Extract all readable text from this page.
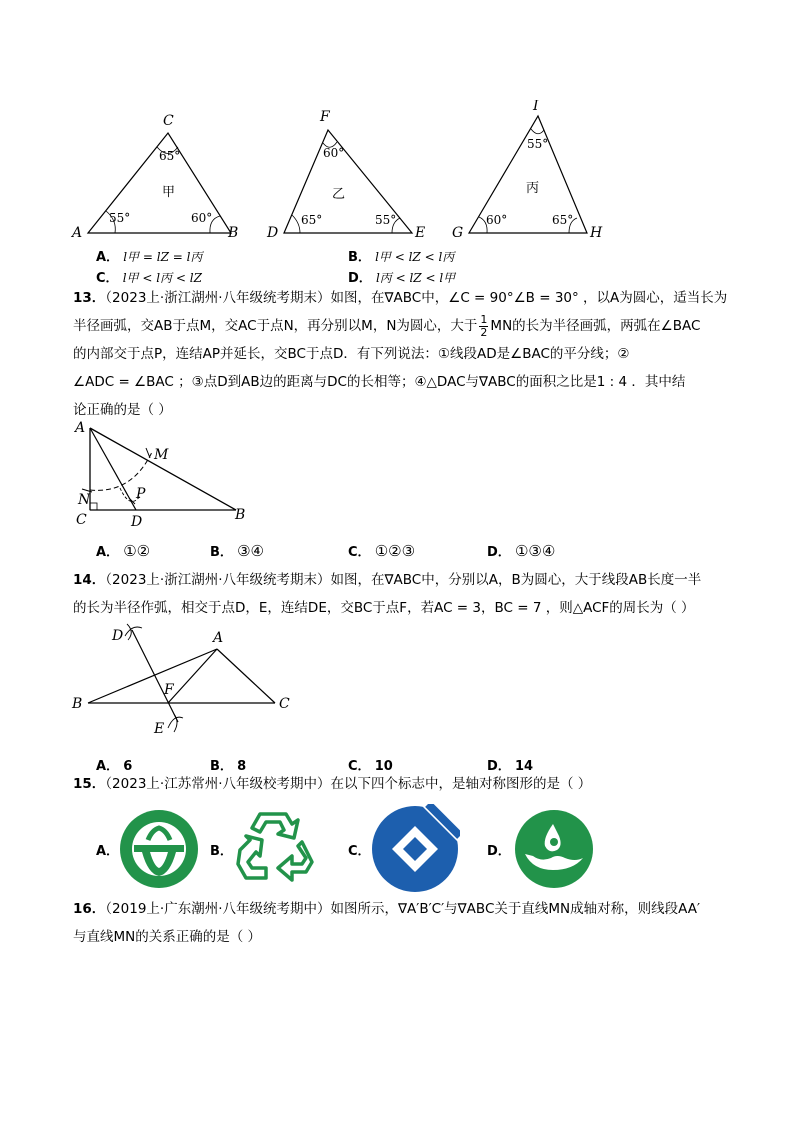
C
A	B
65°
55°	60°
甲
F
D	E
60°
65°	55°
乙
I
G	H
55°
60°	65°
丙
A． l甲 = lZ = l丙	B． l甲 < lZ < l丙
C． l甲 < l丙 < lZ	D． l丙 < lZ < l甲
13．（2023上·浙江湖州·八年级统考期末）如图，在∇ABC中，∠C = 90°∠B = 30° ，以A为圆心，适当长为
半径画弧，交AB于点M，交AC于点N，再分别以M，N为圆心，大于 $\frac{1}{2}$ MN的长为半径画弧，两弧在∠BAC
的内部交于点P，连结AP并延长，交BC于点D．有下列说法：①线段AD是∠BAC的平分线；②
∠ADC = ∠BAC ；③点D到AB边的距离与DC的长相等；④△DAC与∇ABC的面积之比是1 : 4 ．其中结
论正确的是（ ）
A
M
N	P
C	D	B
A． ①②	B． ③④	C． ①②③	D． ①③④
14．（2023上·浙江湖州·八年级统考期末）如图，在∇ABC中，分别以A，B为圆心，大于线段AB长度一半
的长为半径作弧，相交于点D，E，连结DE，交BC于点F，若AC = 3，BC = 7 ，则△ACF的周长为（ ）
D	A
B
F
C
E
A． 6	B． 8	C． 10	D． 14
15．（2023上·江苏常州·八年级校考期中）在以下四个标志中，是轴对称图形的是（ ）
A．	B．	C．	D．
16．（2019上·广东潮州·八年级统考期中）如图所示，∇A′B′C′与∇ABC关于直线MN成轴对称，则线段AA′
与直线MN的关系正确的是（ ）
